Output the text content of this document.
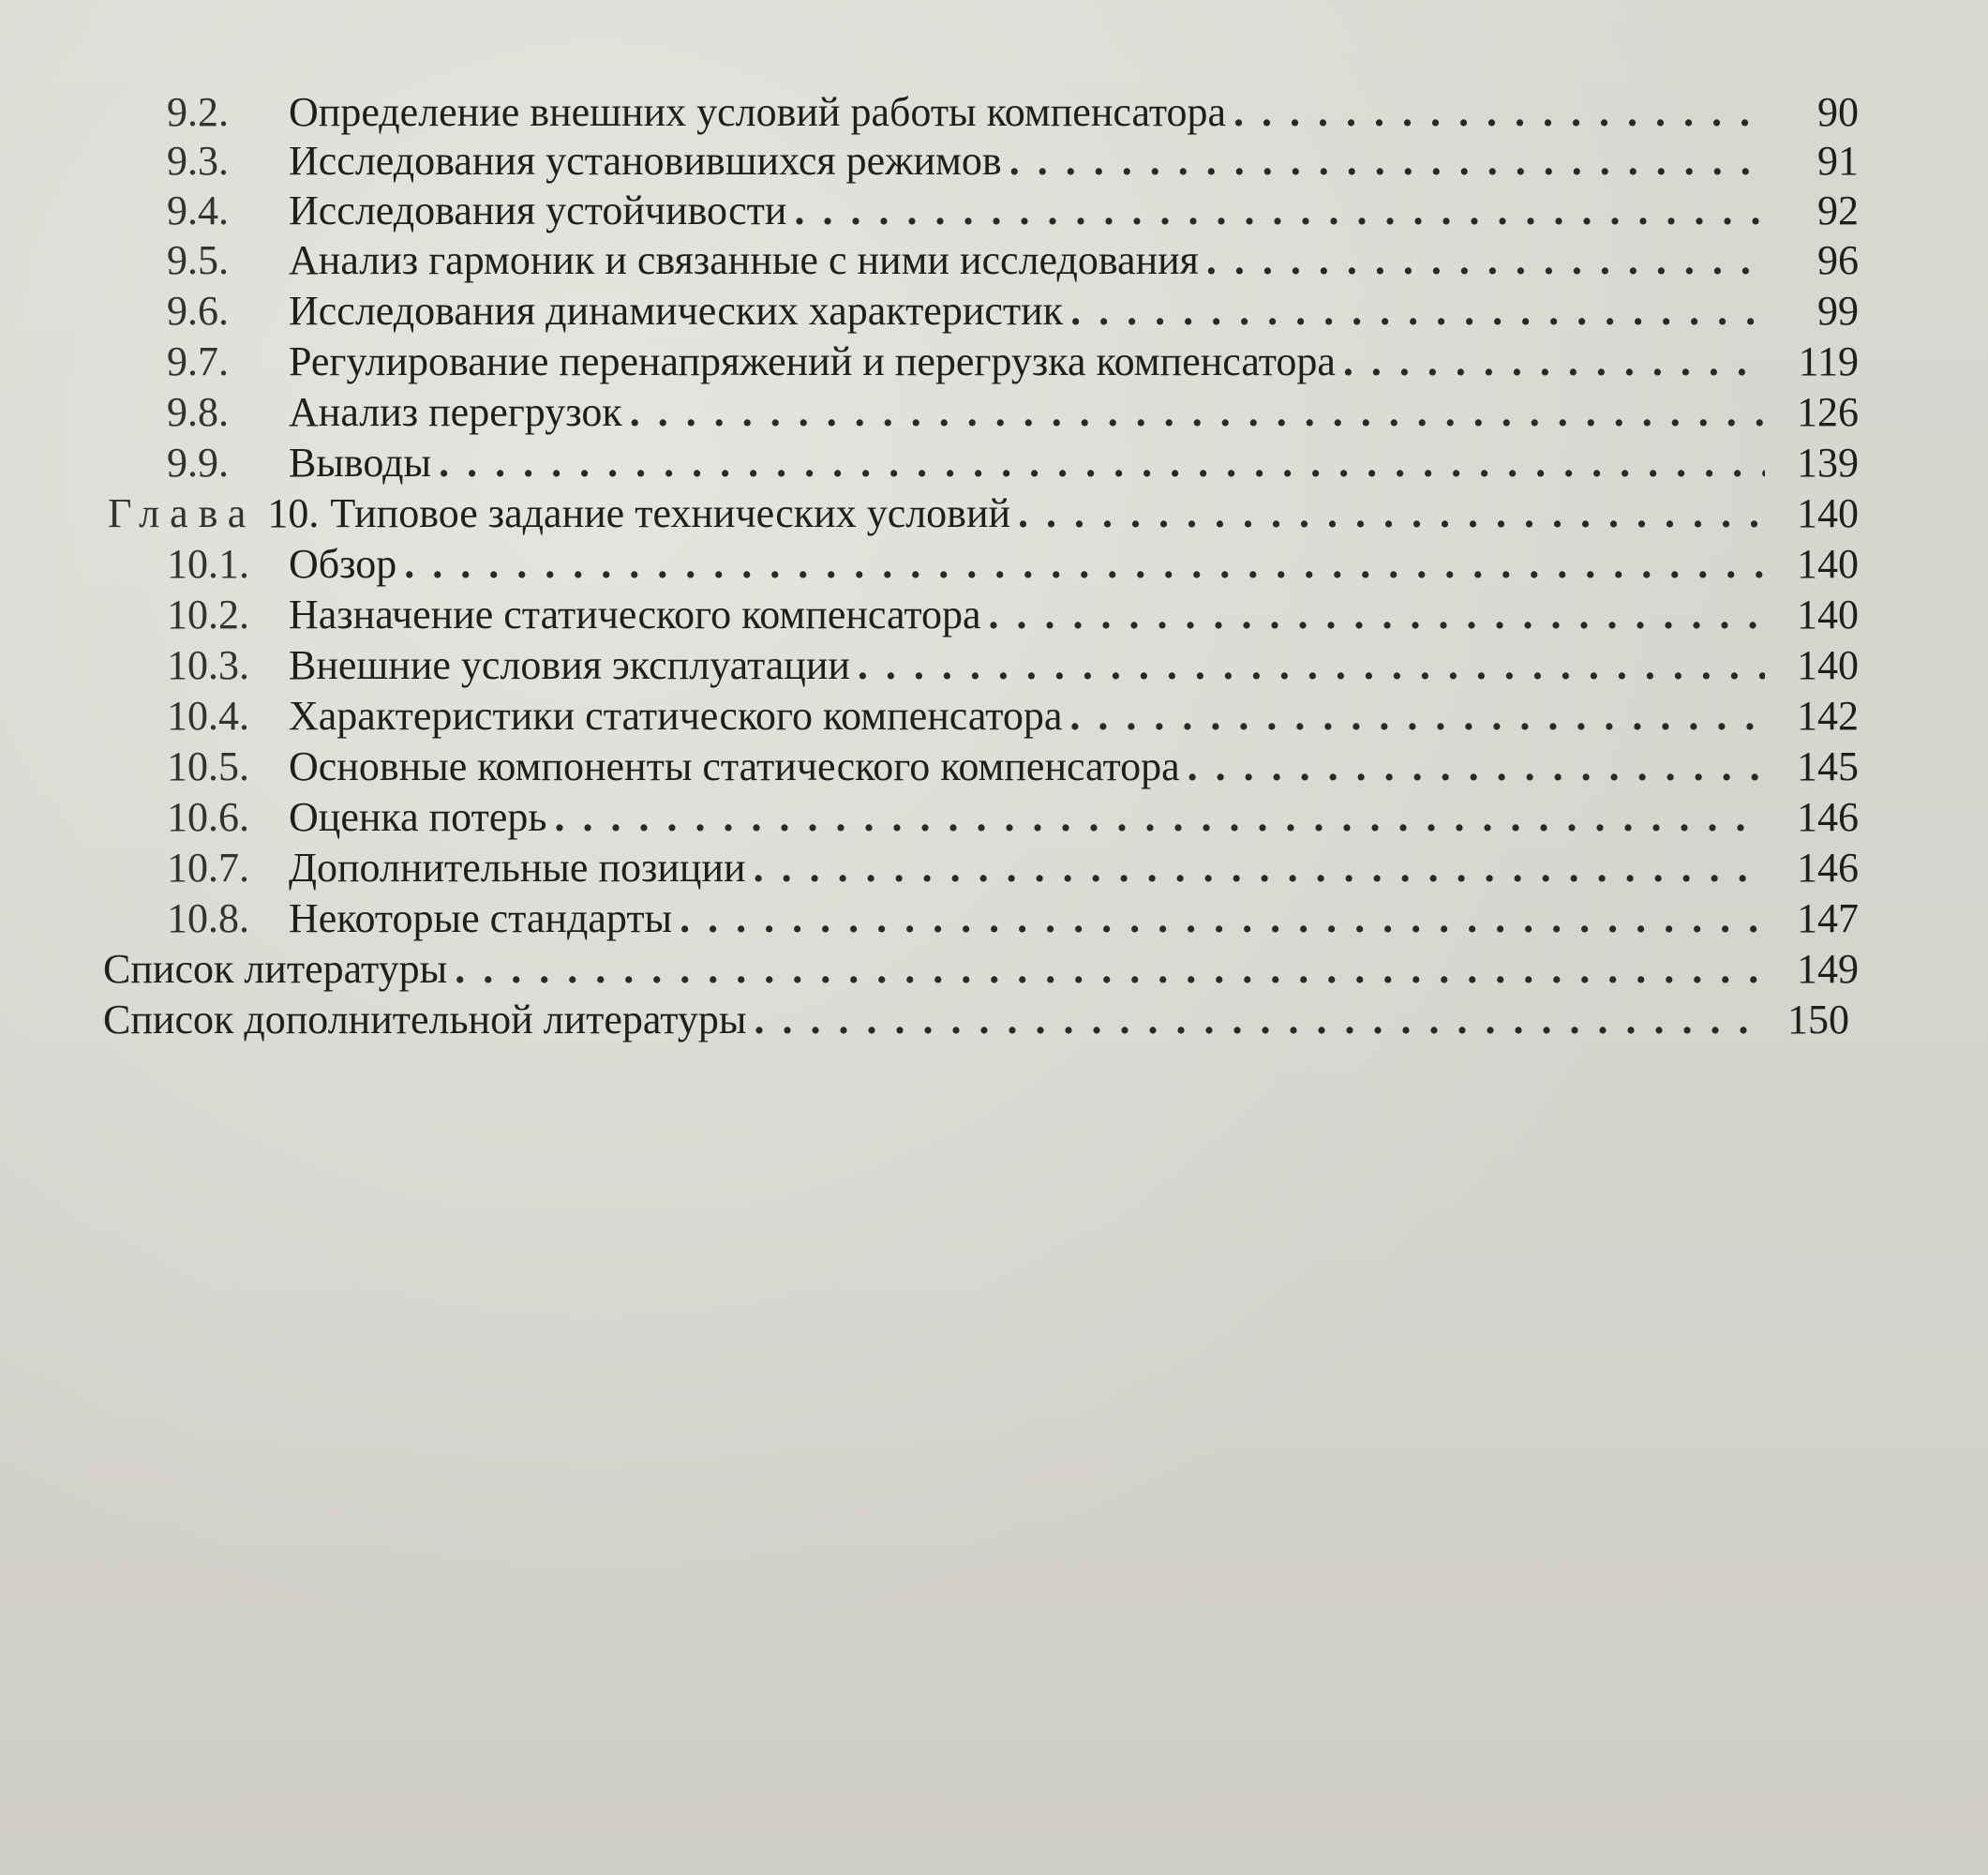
9.2.	Определение внешних условий работы компенсатора . . .	90
9.3.	Исследования установившихся режимов . . .	91
9.4.	Исследования устойчивости . . .	92
9.5.	Анализ гармоник и связанные с ними исследования . . .	96
9.6.	Исследования динамических характеристик . . .	99
9.7.	Регулирование перенапряжений и перегрузка компенсатора . . .	119
9.8.	Анализ перегрузок . . .	126
9.9.	Выводы . . .	139
Глава 10. Типовое задание технических условий . . .	140
10.1. Обзор . . .	140
10.2. Назначение статического компенсатора . . .	140
10.3. Внешние условия эксплуатации . . .	140
10.4. Характеристики статического компенсатора . . .	142
10.5. Основные компоненты статического компенсатора . . .	145
10.6. Оценка потерь . . .	146
10.7. Дополнительные позиции . . .	146
10.8. Некоторые стандарты . . .	147
Список литературы . . .	149
Список дополнительной литературы . . .	150
